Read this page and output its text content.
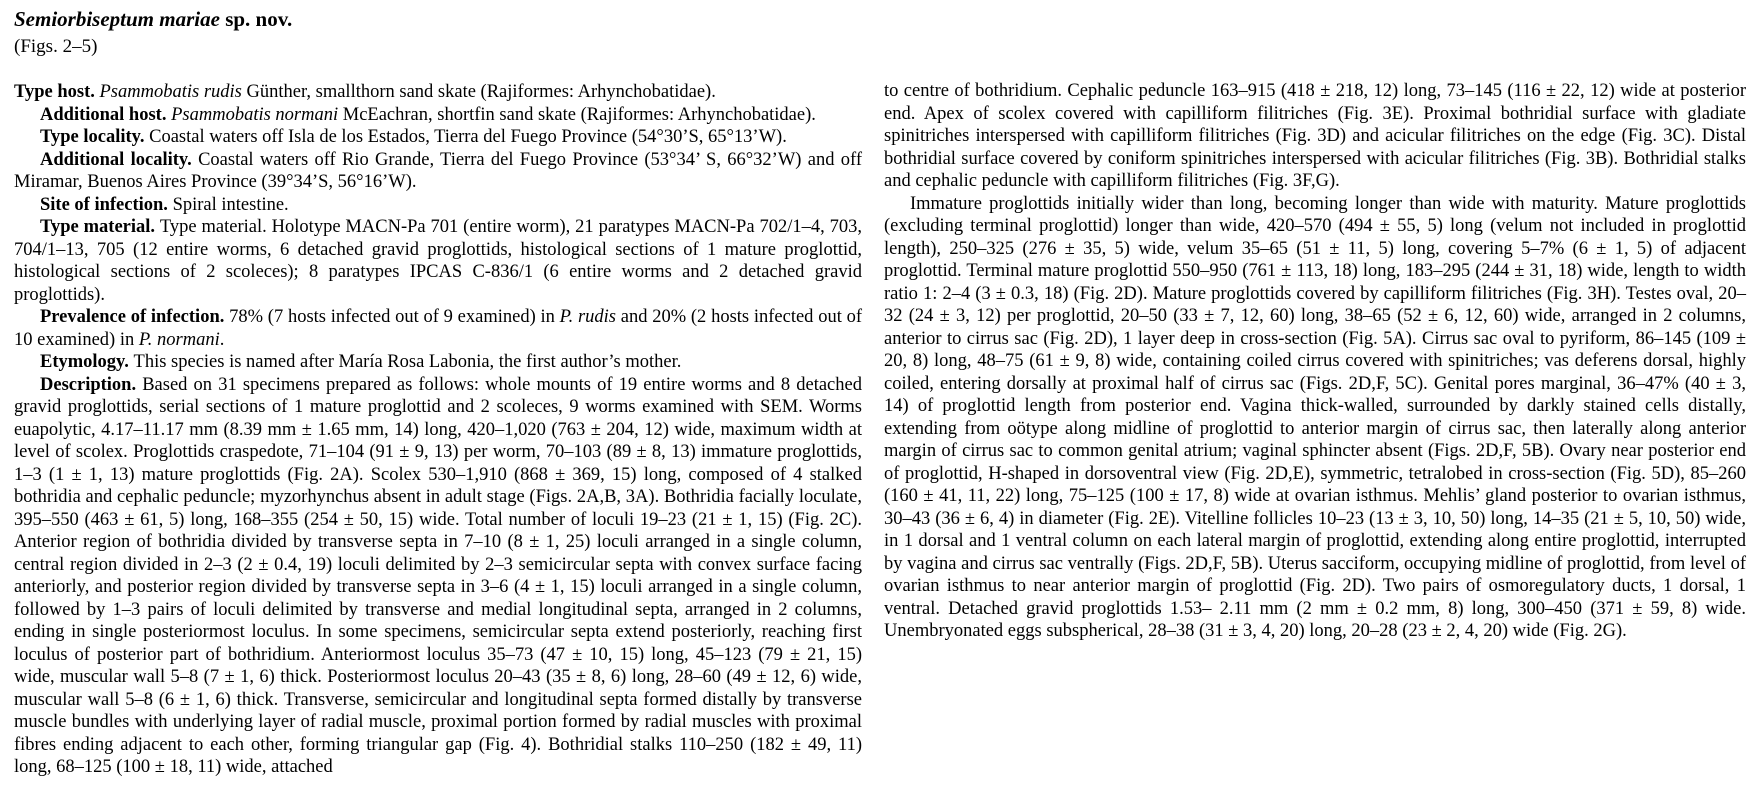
Semiorbiseptum mariae sp. nov.
(Figs. 2–5)
Type host. Psammobatis rudis Günther, smallthorn sand skate (Rajiformes: Arhynchobatidae).
Additional host. Psammobatis normani McEachran, shortfin sand skate (Rajiformes: Arhynchobatidae).
Type locality. Coastal waters off Isla de los Estados, Tierra del Fuego Province (54°30’S, 65°13’W).
Additional locality. Coastal waters off Rio Grande, Tierra del Fuego Province (53°34’ S, 66°32’W) and off Miramar, Buenos Aires Province (39°34’S, 56°16’W).
Site of infection. Spiral intestine.
Type material. Type material. Holotype MACN-Pa 701 (entire worm), 21 paratypes MACN-Pa 702/1–4, 703, 704/1–13, 705 (12 entire worms, 6 detached gravid proglottids, histological sections of 1 mature proglottid, histological sections of 2 scoleces); 8 paratypes IPCAS C-836/1 (6 entire worms and 2 detached gravid proglottids).
Prevalence of infection. 78% (7 hosts infected out of 9 examined) in P. rudis and 20% (2 hosts infected out of 10 examined) in P. normani.
Etymology. This species is named after María Rosa Labonia, the first author’s mother.
Description. Based on 31 specimens prepared as follows: whole mounts of 19 entire worms and 8 detached gravid proglottids, serial sections of 1 mature proglottid and 2 scoleces, 9 worms examined with SEM. Worms euapolytic, 4.17–11.17 mm (8.39 mm ± 1.65 mm, 14) long, 420–1,020 (763 ± 204, 12) wide, maximum width at level of scolex. Proglottids craspedote, 71–104 (91 ± 9, 13) per worm, 70–103 (89 ± 8, 13) immature proglottids, 1–3 (1 ± 1, 13) mature proglottids (Fig. 2A). Scolex 530–1,910 (868 ± 369, 15) long, composed of 4 stalked bothridia and cephalic peduncle; myzorhynchus absent in adult stage (Figs. 2A,B, 3A). Bothridia facially loculate, 395–550 (463 ± 61, 5) long, 168–355 (254 ± 50, 15) wide. Total number of loculi 19–23 (21 ± 1, 15) (Fig. 2C). Anterior region of bothridia divided by transverse septa in 7–10 (8 ± 1, 25) loculi arranged in a single column, central region divided in 2–3 (2 ± 0.4, 19) loculi delimited by 2–3 semicircular septa with convex surface facing anteriorly, and posterior region divided by transverse septa in 3–6 (4 ± 1, 15) loculi arranged in a single column, followed by 1–3 pairs of loculi delimited by transverse and medial longitudinal septa, arranged in 2 columns, ending in single posteriormost loculus. In some specimens, semicircular septa extend posteriorly, reaching first loculus of posterior part of bothridium. Anteriormost loculus 35–73 (47 ± 10, 15) long, 45–123 (79 ± 21, 15) wide, muscular wall 5–8 (7 ± 1, 6) thick. Posteriormost loculus 20–43 (35 ± 8, 6) long, 28–60 (49 ± 12, 6) wide, muscular wall 5–8 (6 ± 1, 6) thick. Transverse, semicircular and longitudinal septa formed distally by transverse muscle bundles with underlying layer of radial muscle, proximal portion formed by radial muscles with proximal fibres ending adjacent to each other, forming triangular gap (Fig. 4). Bothridial stalks 110–250 (182 ± 49, 11) long, 68–125 (100 ± 18, 11) wide, attached
to centre of bothridium. Cephalic peduncle 163–915 (418 ± 218, 12) long, 73–145 (116 ± 22, 12) wide at posterior end. Apex of scolex covered with capilliform filitriches (Fig. 3E). Proximal bothridial surface with gladiate spinitriches interspersed with capilliform filitriches (Fig. 3D) and acicular filitriches on the edge (Fig. 3C). Distal bothridial surface covered by coniform spinitriches interspersed with acicular filitriches (Fig. 3B). Bothridial stalks and cephalic peduncle with capilliform filitriches (Fig. 3F,G).
Immature proglottids initially wider than long, becoming longer than wide with maturity. Mature proglottids (excluding terminal proglottid) longer than wide, 420–570 (494 ± 55, 5) long (velum not included in proglottid length), 250–325 (276 ± 35, 5) wide, velum 35–65 (51 ± 11, 5) long, covering 5–7% (6 ± 1, 5) of adjacent proglottid. Terminal mature proglottid 550–950 (761 ± 113, 18) long, 183–295 (244 ± 31, 18) wide, length to width ratio 1: 2–4 (3 ± 0.3, 18) (Fig. 2D). Mature proglottids covered by capilliform filitriches (Fig. 3H). Testes oval, 20–32 (24 ± 3, 12) per proglottid, 20–50 (33 ± 7, 12, 60) long, 38–65 (52 ± 6, 12, 60) wide, arranged in 2 columns, anterior to cirrus sac (Fig. 2D), 1 layer deep in cross-section (Fig. 5A). Cirrus sac oval to pyriform, 86–145 (109 ± 20, 8) long, 48–75 (61 ± 9, 8) wide, containing coiled cirrus covered with spinitriches; vas deferens dorsal, highly coiled, entering dorsally at proximal half of cirrus sac (Figs. 2D,F, 5C). Genital pores marginal, 36–47% (40 ± 3, 14) of proglottid length from posterior end. Vagina thick-walled, surrounded by darkly stained cells distally, extending from oötype along midline of proglottid to anterior margin of cirrus sac, then laterally along anterior margin of cirrus sac to common genital atrium; vaginal sphincter absent (Figs. 2D,F, 5B). Ovary near posterior end of proglottid, H-shaped in dorsoventral view (Fig. 2D,E), symmetric, tetralobed in cross-section (Fig. 5D), 85–260 (160 ± 41, 11, 22) long, 75–125 (100 ± 17, 8) wide at ovarian isthmus. Mehlis’ gland posterior to ovarian isthmus, 30–43 (36 ± 6, 4) in diameter (Fig. 2E). Vitelline follicles 10–23 (13 ± 3, 10, 50) long, 14–35 (21 ± 5, 10, 50) wide, in 1 dorsal and 1 ventral column on each lateral margin of proglottid, extending along entire proglottid, interrupted by vagina and cirrus sac ventrally (Figs. 2D,F, 5B). Uterus sacciform, occupying midline of proglottid, from level of ovarian isthmus to near anterior margin of proglottid (Fig. 2D). Two pairs of osmoregulatory ducts, 1 dorsal, 1 ventral. Detached gravid proglottids 1.53– 2.11 mm (2 mm ± 0.2 mm, 8) long, 300–450 (371 ± 59, 8) wide. Unembryonated eggs subspherical, 28–38 (31 ± 3, 4, 20) long, 20–28 (23 ± 2, 4, 20) wide (Fig. 2G).
